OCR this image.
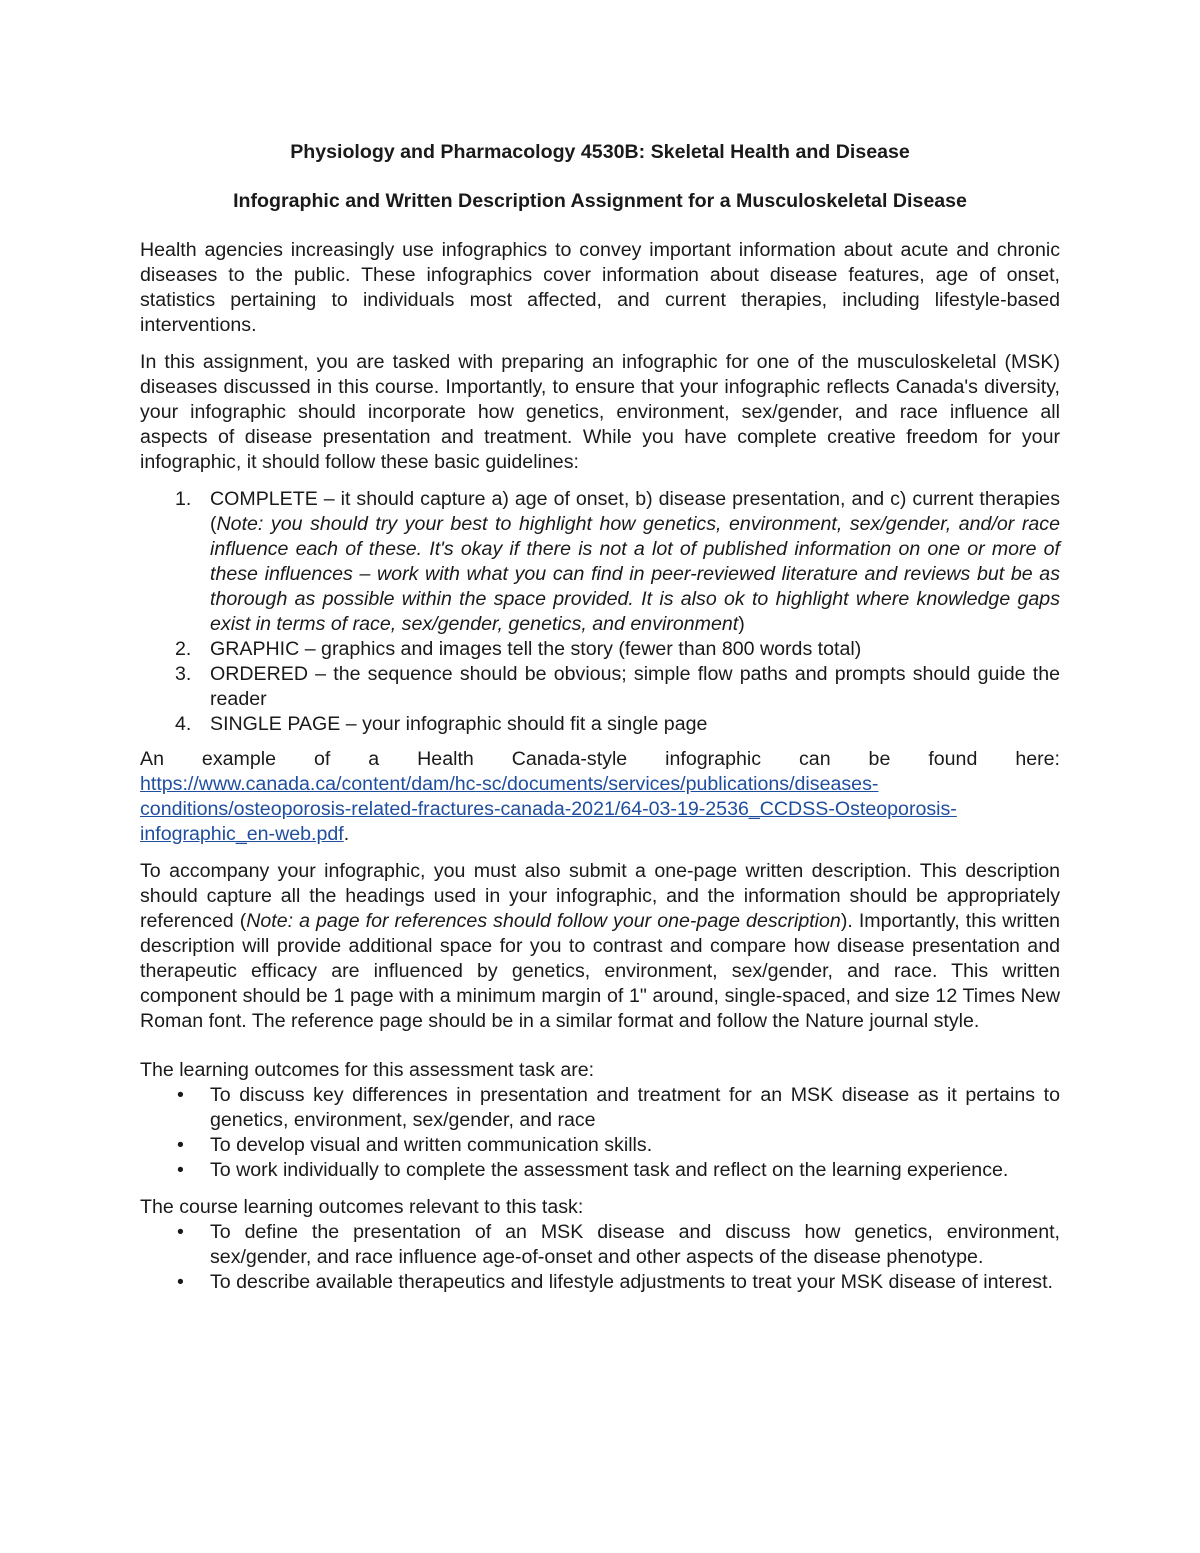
Physiology and Pharmacology 4530B: Skeletal Health and Disease
Infographic and Written Description Assignment for a Musculoskeletal Disease

Health agencies increasingly use infographics to convey important information about acute and chronic diseases to the public. These infographics cover information about disease features, age of onset, statistics pertaining to individuals most affected, and current therapies, including lifestyle-based interventions.

In this assignment, you are tasked with preparing an infographic for one of the musculoskeletal (MSK) diseases discussed in this course. Importantly, to ensure that your infographic reflects Canada's diversity, your infographic should incorporate how genetics, environment, sex/gender, and race influence all aspects of disease presentation and treatment. While you have complete creative freedom for your infographic, it should follow these basic guidelines:

1. COMPLETE – it should capture a) age of onset, b) disease presentation, and c) current therapies (Note: you should try your best to highlight how genetics, environment, sex/gender, and/or race influence each of these. It's okay if there is not a lot of published information on one or more of these influences – work with what you can find in peer-reviewed literature and reviews but be as thorough as possible within the space provided. It is also ok to highlight where knowledge gaps exist in terms of race, sex/gender, genetics, and environment)
2. GRAPHIC – graphics and images tell the story (fewer than 800 words total)
3. ORDERED – the sequence should be obvious; simple flow paths and prompts should guide the reader
4. SINGLE PAGE – your infographic should fit a single page

An example of a Health Canada-style infographic can be found here:

https://www.canada.ca/content/dam/hc-sc/documents/services/publications/diseases-conditions/osteoporosis-related-fractures-canada-2021/64-03-19-2536_CCDSS-Osteoporosis-infographic_en-web.pdf.

To accompany your infographic, you must also submit a one-page written description. This description should capture all the headings used in your infographic, and the information should be appropriately referenced (Note: a page for references should follow your one-page description). Importantly, this written description will provide additional space for you to contrast and compare how disease presentation and therapeutic efficacy are influenced by genetics, environment, sex/gender, and race. This written component should be 1 page with a minimum margin of 1" around, single-spaced, and size 12 Times New Roman font. The reference page should be in a similar format and follow the Nature journal style.

The learning outcomes for this assessment task are:

• To discuss key differences in presentation and treatment for an MSK disease as it pertains to genetics, environment, sex/gender, and race
• To develop visual and written communication skills.
• To work individually to complete the assessment task and reflect on the learning experience.

The course learning outcomes relevant to this task:

• To define the presentation of an MSK disease and discuss how genetics, environment, sex/gender, and race influence age-of-onset and other aspects of the disease phenotype.
• To describe available therapeutics and lifestyle adjustments to treat your MSK disease of interest.
